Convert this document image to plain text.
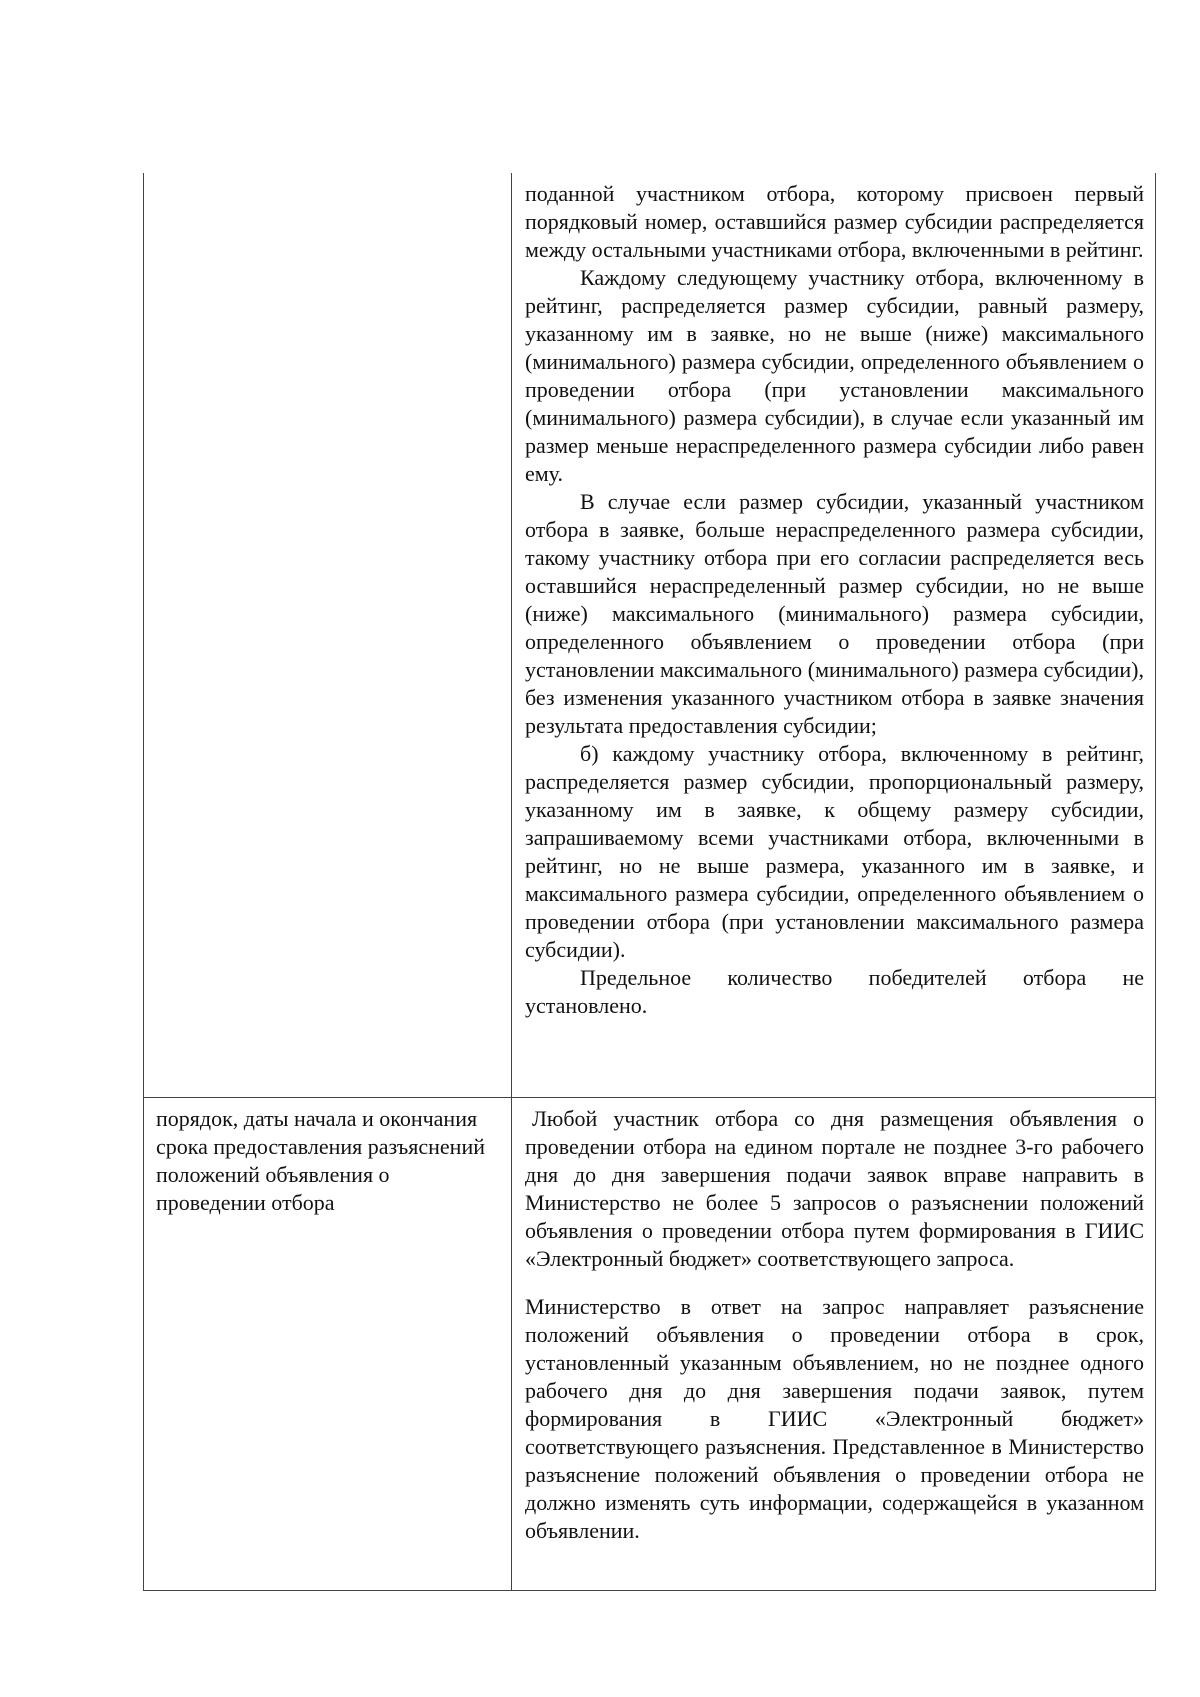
	поданной участником отбора, которому присвоен первый порядковый номер, оставшийся размер субсидии распределяется между остальными участниками отбора, включенными в рейтинг.

Каждому следующему участнику отбора, включенному в рейтинг, распределяется размер субсидии, равный размеру, указанному им в заявке, но не выше (ниже) максимального (минимального) размера субсидии, определенного объявлением о проведении отбора (при установлении максимального (минимального) размера субсидии), в случае если указанный им размер меньше нераспределенного размера субсидии либо равен ему.

В случае если размер субсидии, указанный участником отбора в заявке, больше нераспределенного размера субсидии, такому участнику отбора при его согласии распределяется весь оставшийся нераспределенный размер субсидии, но не выше (ниже) максимального (минимального) размера субсидии, определенного объявлением о проведении отбора (при установлении максимального (минимального) размера субсидии), без изменения указанного участником отбора в заявке значения результата предоставления субсидии;

б) каждому участнику отбора, включенному в рейтинг, распределяется размер субсидии, пропорциональный размеру, указанному им в заявке, к общему размеру субсидии, запрашиваемому всеми участниками отбора, включенными в рейтинг, но не выше размера, указанного им в заявке, и максимального размера субсидии, определенного объявлением о проведении отбора (при установлении максимального размера субсидии).

Предельное количество победителей отбора не установлено.

порядок, даты начала и окончания срока предоставления разъяснений положений объявления о проведении отбора	Любой участник отбора со дня размещения объявления о проведении отбора на едином портале не позднее 3-го рабочего дня до дня завершения подачи заявок вправе направить в Министерство не более 5 запросов о разъяснении положений объявления о проведении отбора путем формирования в ГИИС «Электронный бюджет» соответствующего запроса.

Министерство в ответ на запрос направляет разъяснение положений объявления о проведении отбора в срок, установленный указанным объявлением, но не позднее одного рабочего дня до дня завершения подачи заявок, путем формирования в ГИИС «Электронный бюджет» соответствующего разъяснения. Представленное в Министерство разъяснение положений объявления о проведении отбора не должно изменять суть информации, содержащейся в указанном объявлении.
